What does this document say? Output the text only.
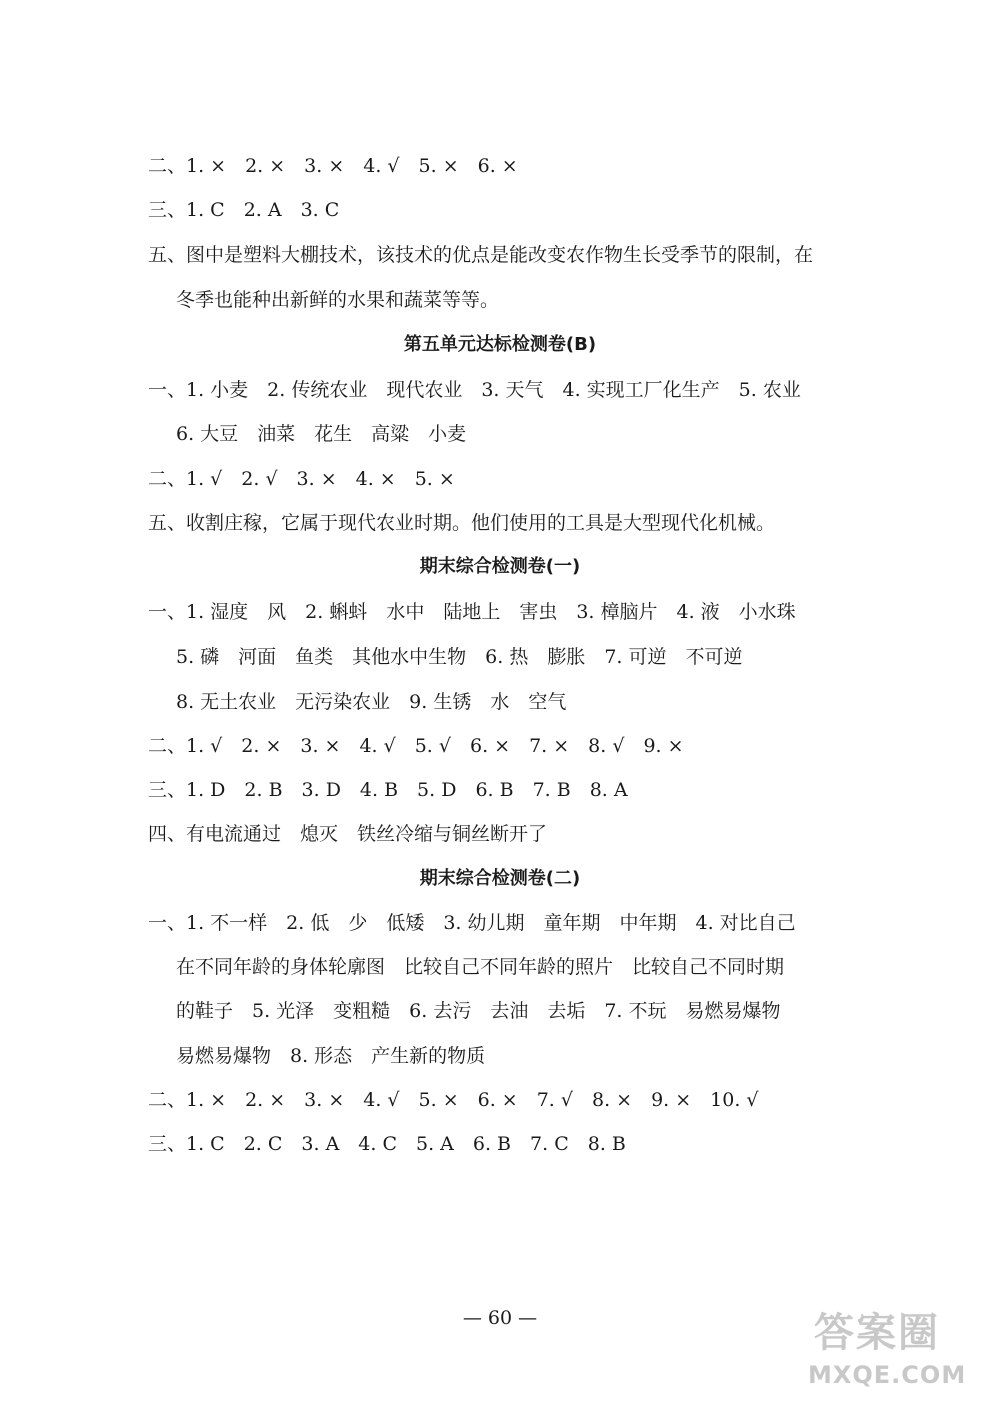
二、1. ×　2. ×　3. ×　4. √　5. ×　6. ×
三、1. C　2. A　3. C
五、图中是塑料大棚技术，该技术的优点是能改变农作物生长受季节的限制，在
冬季也能种出新鲜的水果和蔬菜等等。
第五单元达标检测卷(B)
一、1. 小麦　2. 传统农业　现代农业　3. 天气　4. 实现工厂化生产　5. 农业
6. 大豆　油菜　花生　高粱　小麦
二、1. √　2. √　3. ×　4. ×　5. ×
五、收割庄稼，它属于现代农业时期。他们使用的工具是大型现代化机械。
期末综合检测卷(一)
一、1. 湿度　风　2. 蝌蚪　水中　陆地上　害虫　3. 樟脑片　4. 液　小水珠
5. 磷　河面　鱼类　其他水中生物　6. 热　膨胀　7. 可逆　不可逆
8. 无土农业　无污染农业　9. 生锈　水　空气
二、1. √　2. ×　3. ×　4. √　5. √　6. ×　7. ×　8. √　9. ×
三、1. D　2. B　3. D　4. B　5. D　6. B　7. B　8. A
四、有电流通过　熄灭　铁丝冷缩与铜丝断开了
期末综合检测卷(二)
一、1. 不一样　2. 低　少　低矮　3. 幼儿期　童年期　中年期　4. 对比自己
在不同年龄的身体轮廓图　比较自己不同年龄的照片　比较自己不同时期
的鞋子　5. 光泽　变粗糙　6. 去污　去油　去垢　7. 不玩　易燃易爆物
易燃易爆物　8. 形态　产生新的物质
二、1. ×　2. ×　3. ×　4. √　5. ×　6. ×　7. √　8. ×　9. ×　10. √
三、1. C　2. C　3. A　4. C　5. A　6. B　7. C　8. B
— 60 —	答案圈
MXQE.COM
